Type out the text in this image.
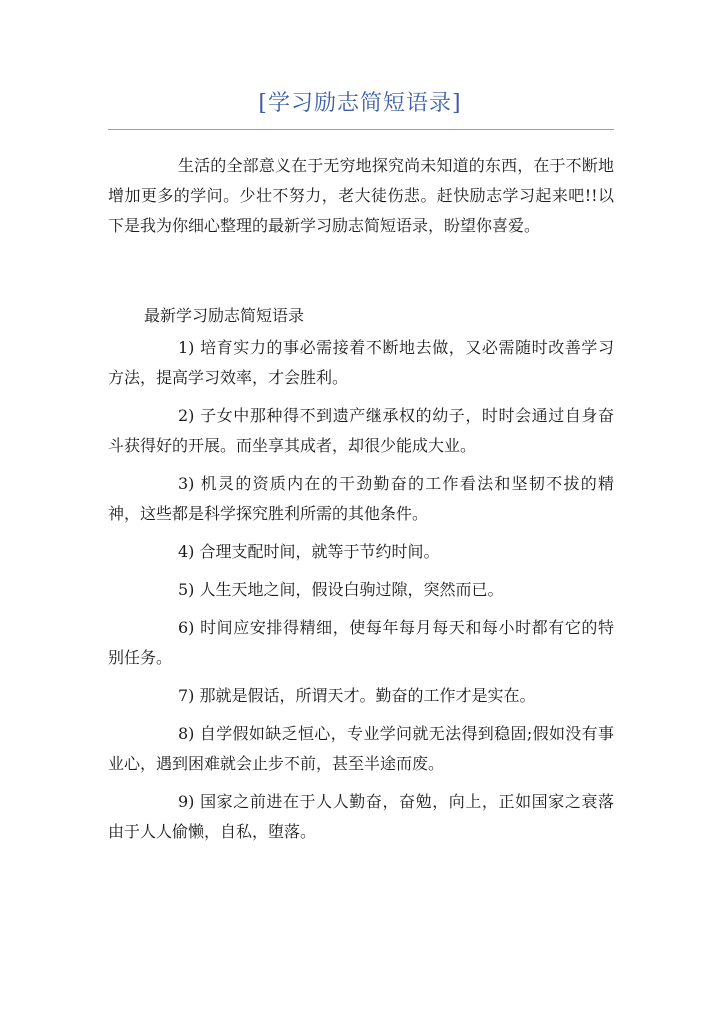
[学习励志简短语录]

生活的全部意义在于无穷地探究尚未知道的东西，在于不断地增加更多的学问。少壮不努力，老大徒伤悲。赶快励志学习起来吧!!以下是我为你细心整理的最新学习励志简短语录，盼望你喜爱。

最新学习励志简短语录

1) 培育实力的事必需接着不断地去做，又必需随时改善学习方法，提高学习效率，才会胜利。

2) 子女中那种得不到遗产继承权的幼子，时时会通过自身奋斗获得好的开展。而坐享其成者，却很少能成大业。

3) 机灵的资质内在的干劲勤奋的工作看法和坚韧不拔的精神，这些都是科学探究胜利所需的其他条件。

4) 合理支配时间，就等于节约时间。

5) 人生天地之间，假设白驹过隙，突然而已。

6) 时间应安排得精细，使每年每月每天和每小时都有它的特别任务。

7) 那就是假话，所谓天才。勤奋的工作才是实在。

8) 自学假如缺乏恒心，专业学问就无法得到稳固;假如没有事业心，遇到困难就会止步不前，甚至半途而废。

9) 国家之前进在于人人勤奋，奋勉，向上，正如国家之衰落由于人人偷懒，自私，堕落。
